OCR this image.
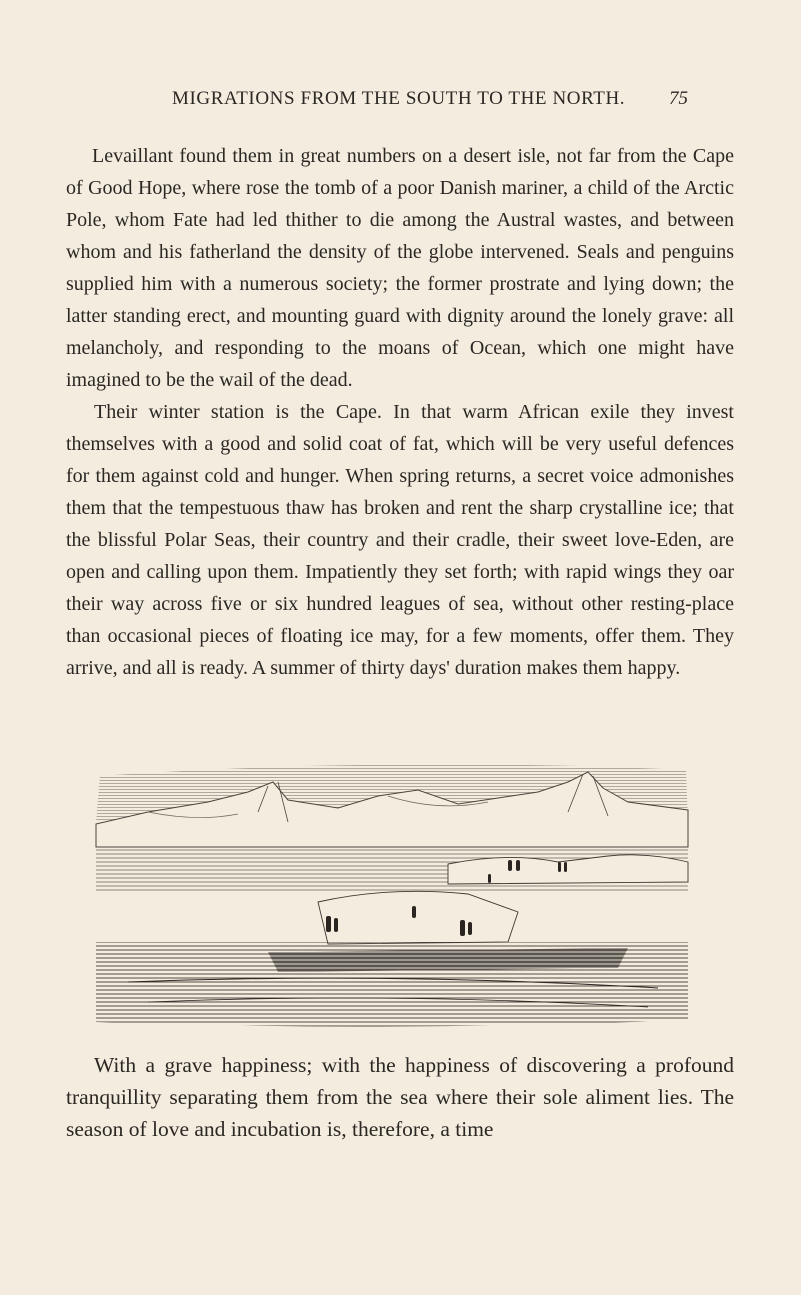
MIGRATIONS FROM THE SOUTH TO THE NORTH.	75

Levaillant found them in great numbers on a desert isle, not far from the Cape of Good Hope, where rose the tomb of a poor Danish mariner, a child of the Arctic Pole, whom Fate had led thither to die among the Austral wastes, and between whom and his fatherland the density of the globe intervened. Seals and penguins supplied him with a numerous society; the former prostrate and lying down; the latter standing erect, and mounting guard with dignity around the lonely grave: all melancholy, and responding to the moans of Ocean, which one might have imagined to be the wail of the dead.

Their winter station is the Cape. In that warm African exile they invest themselves with a good and solid coat of fat, which will be very useful defences for them against cold and hunger. When spring returns, a secret voice admonishes them that the tempestuous thaw has broken and rent the sharp crystalline ice; that the blissful Polar Seas, their country and their cradle, their sweet love-Eden, are open and calling upon them. Impatiently they set forth; with rapid wings they oar their way across five or six hundred leagues of sea, without other resting-place than occasional pieces of floating ice may, for a few moments, offer them. They arrive, and all is ready. A summer of thirty days' duration makes them happy.

With a grave happiness; with the happiness of discovering a profound tranquillity separating them from the sea where their sole aliment lies. The season of love and incubation is, therefore, a time
